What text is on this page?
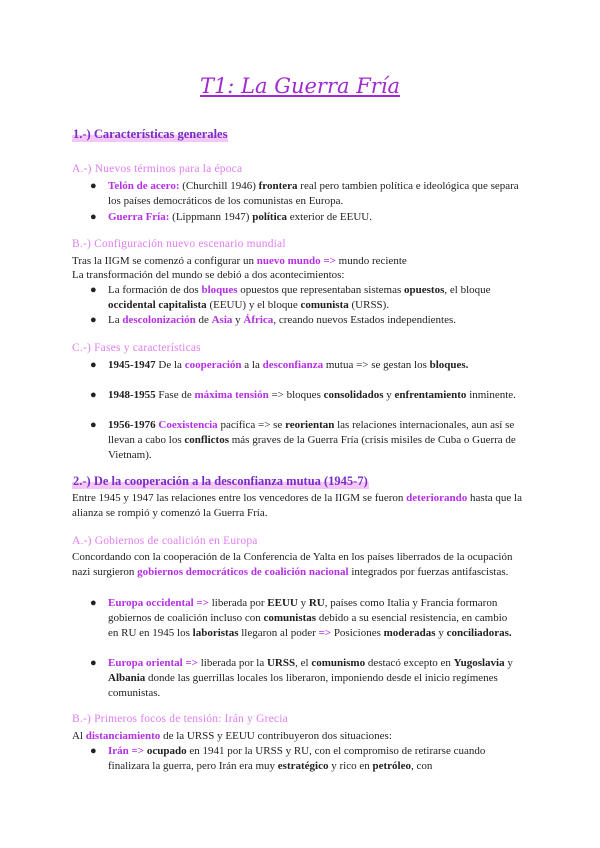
T1: La Guerra Fría
1.-) Características generales
A.-) Nuevos términos para la época
● Telón de acero: (Churchill 1946) frontera real pero tambien política e ideológica que separa los países democráticos de los comunistas en Europa.
● Guerra Fría: (Lippmann 1947) política exterior de EEUU.
B.-) Configuración nuevo escenario mundial
Tras la IIGM se comenzó a configurar un nuevo mundo => mundo reciente
La transformación del mundo se debió a dos acontecimientos:
● La formación de dos bloques opuestos que representaban sistemas opuestos, el bloque occidental capitalista (EEUU) y el bloque comunista (URSS).
● La descolonización de Asia y África, creando nuevos Estados independientes.
C.-) Fases y características
● 1945-1947 De la cooperación a la desconfianza mutua => se gestan los bloques.
● 1948-1955 Fase de máxima tensión => bloques consolidados y enfrentamiento inminente.
● 1956-1976 Coexistencia pacífica => se reorientan las relaciones internacionales, aun así se llevan a cabo los conflictos más graves de la Guerra Fría (crisis misiles de Cuba o Guerra de Vietnam).
2.-) De la cooperación a la desconfianza mutua (1945-7)
Entre 1945 y 1947 las relaciones entre los vencedores de la IIGM se fueron deteriorando hasta que la alianza se rompió y comenzó la Guerra Fría.
A.-) Gobiernos de coalición en Europa
Concordando con la cooperación de la Conferencia de Yalta en los países liberrados de la ocupación nazi surgieron gobiernos democráticos de coalición nacional integrados por fuerzas antifascistas.
● Europa occidental => liberada por EEUU y RU, países como Italia y Francia formaron gobiernos de coalición incluso con comunistas debido a su esencial resistencia, en cambio en RU en 1945 los laboristas llegaron al poder => Posiciones moderadas y conciliadoras.
● Europa oriental => liberada por la URSS, el comunismo destacó excepto en Yugoslavia y Albania donde las guerrillas locales los liberaron, imponiendo desde el inicio regímenes comunistas.
B.-) Primeros focos de tensión: Irán y Grecia
Al distanciamiento de la URSS y EEUU contribuyeron dos situaciones:
● Irán => ocupado en 1941 por la URSS y RU, con el compromiso de retirarse cuando finalizara la guerra, pero Irán era muy estratégico y rico en petróleo, con
